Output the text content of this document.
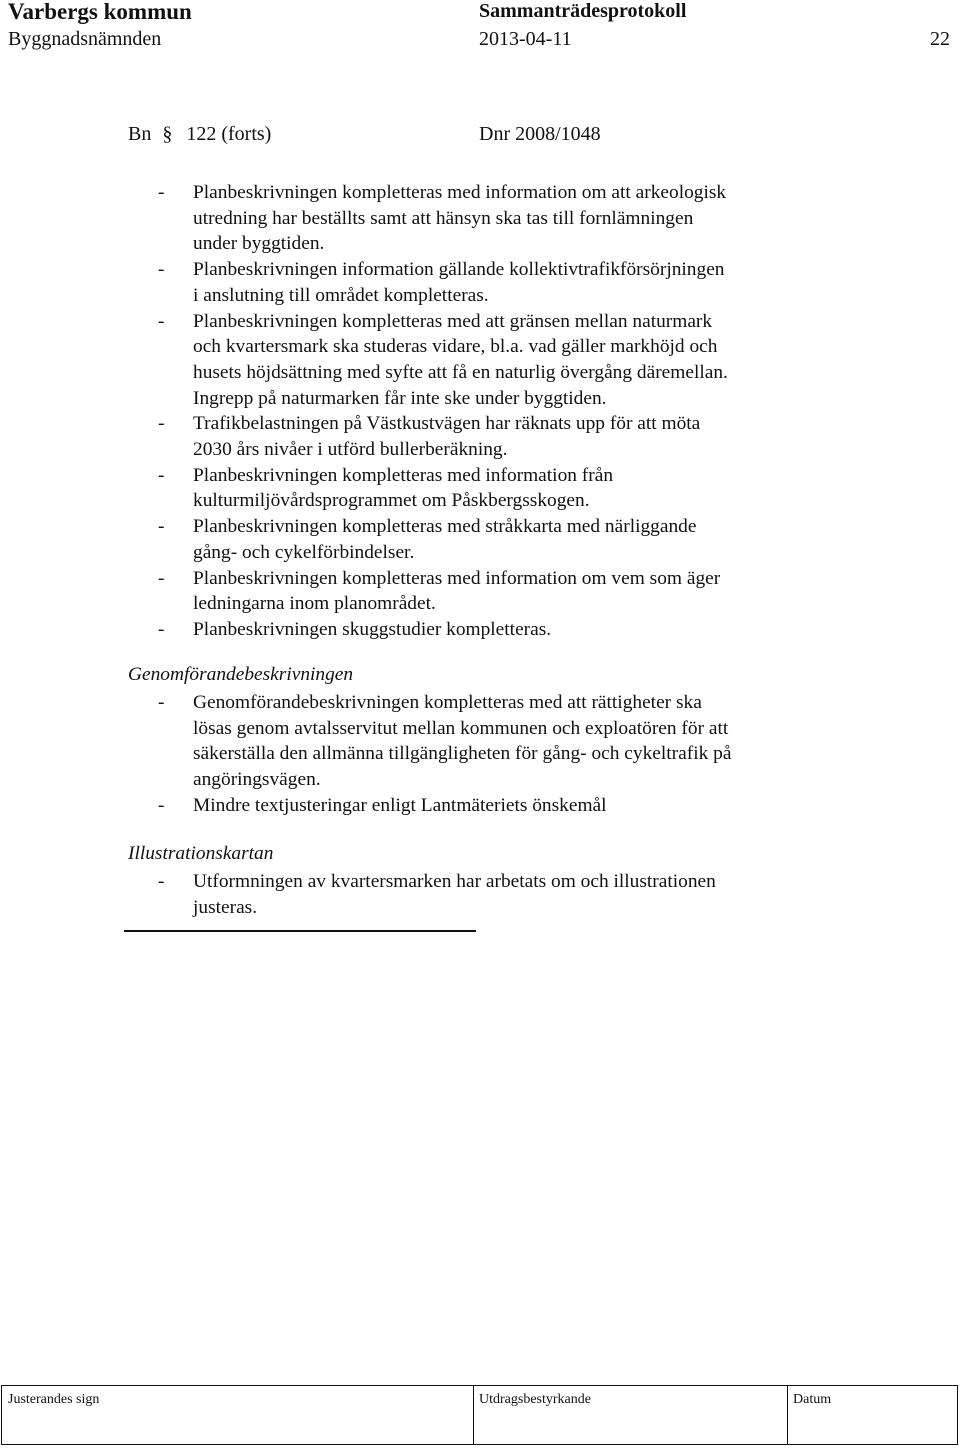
Varbergs kommun	Sammanträdesprotokoll
Byggnadsnämnden	2013-04-11	22
Bn § 122 (forts)	Dnr 2008/1048
- Planbeskrivningen kompletteras med information om att arkeologisk
utredning har beställts samt att hänsyn ska tas till fornlämningen
under byggtiden.
- Planbeskrivningen information gällande kollektivtrafikförsörjningen
i anslutning till området kompletteras.
- Planbeskrivningen kompletteras med att gränsen mellan naturmark
och kvartersmark ska studeras vidare, bl.a. vad gäller markhöjd och
husets höjdsättning med syfte att få en naturlig övergång däremellan.
Ingrepp på naturmarken får inte ske under byggtiden.
- Trafikbelastningen på Västkustvägen har räknats upp för att möta
2030 års nivåer i utförd bullerberäkning.
- Planbeskrivningen kompletteras med information från
kulturmiljövårdsprogrammet om Påskbergsskogen.
- Planbeskrivningen kompletteras med stråkkarta med närliggande
gång- och cykelförbindelser.
- Planbeskrivningen kompletteras med information om vem som äger
ledningarna inom planområdet.
- Planbeskrivningen skuggstudier kompletteras.
Genomförandebeskrivningen
- Genomförandebeskrivningen kompletteras med att rättigheter ska
lösas genom avtalsservitut mellan kommunen och exploatören för att
säkerställa den allmänna tillgängligheten för gång- och cykeltrafik på
angöringsvägen.
- Mindre textjusteringar enligt Lantmäteriets önskemål
Illustrationskartan
- Utformningen av kvartersmarken har arbetats om och illustrationen
justeras.
Justerandes sign	Utdragsbestyrkande	Datum
